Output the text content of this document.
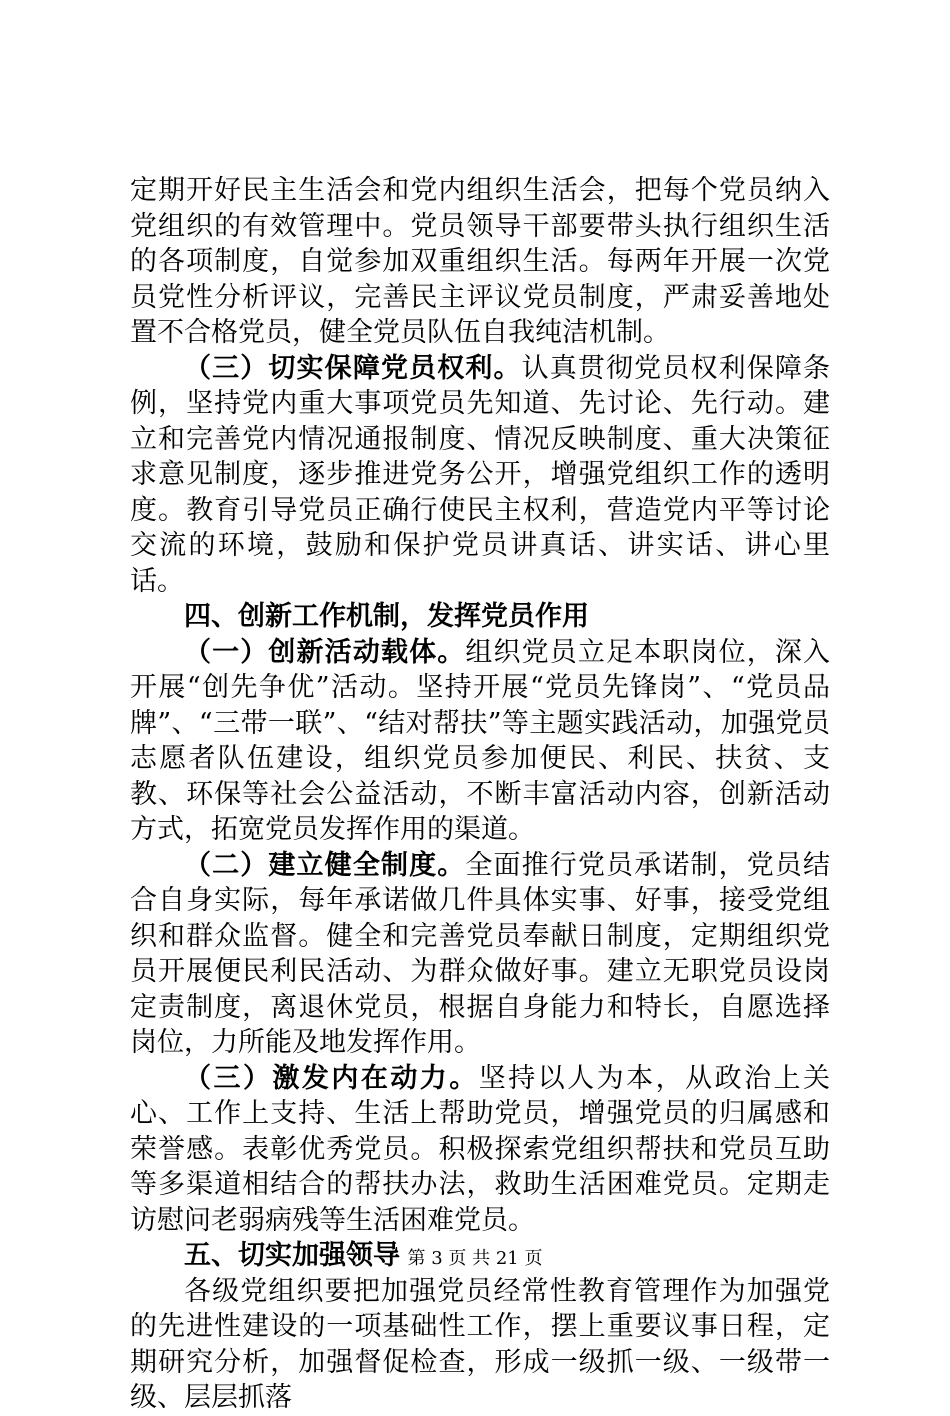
定期开好民主生活会和党内组织生活会，把每个党员纳入党组织的有效管理中。党员领导干部要带头执行组织生活的各项制度，自觉参加双重组织生活。每两年开展一次党员党性分析评议，完善民主评议党员制度，严肃妥善地处置不合格党员，健全党员队伍自我纯洁机制。

（三）切实保障党员权利。认真贯彻党员权利保障条例，坚持党内重大事项党员先知道、先讨论、先行动。建立和完善党内情况通报制度、情况反映制度、重大决策征求意见制度，逐步推进党务公开，增强党组织工作的透明度。教育引导党员正确行使民主权利，营造党内平等讨论交流的环境，鼓励和保护党员讲真话、讲实话、讲心里话。

四、创新工作机制，发挥党员作用

（一）创新活动载体。组织党员立足本职岗位，深入开展“创先争优”活动。坚持开展“党员先锋岗”、“党员品牌”、“三带一联”、“结对帮扶”等主题实践活动，加强党员志愿者队伍建设，组织党员参加便民、利民、扶贫、支教、环保等社会公益活动，不断丰富活动内容，创新活动方式，拓宽党员发挥作用的渠道。

（二）建立健全制度。全面推行党员承诺制，党员结合自身实际，每年承诺做几件具体实事、好事，接受党组织和群众监督。健全和完善党员奉献日制度，定期组织党员开展便民利民活动、为群众做好事。建立无职党员设岗定责制度，离退休党员，根据自身能力和特长，自愿选择岗位，力所能及地发挥作用。

（三）激发内在动力。坚持以人为本，从政治上关心、工作上支持、生活上帮助党员，增强党员的归属感和荣誉感。表彰优秀党员。积极探索党组织帮扶和党员互助等多渠道相结合的帮扶办法，救助生活困难党员。定期走访慰问老弱病残等生活困难党员。

五、切实加强领导

各级党组织要把加强党员经常性教育管理作为加强党的先进性建设的一项基础性工作，摆上重要议事日程，定期研究分析，加强督促检查，形成一级抓一级、一级带一级、层层抓落

第 3 页 共 21 页
